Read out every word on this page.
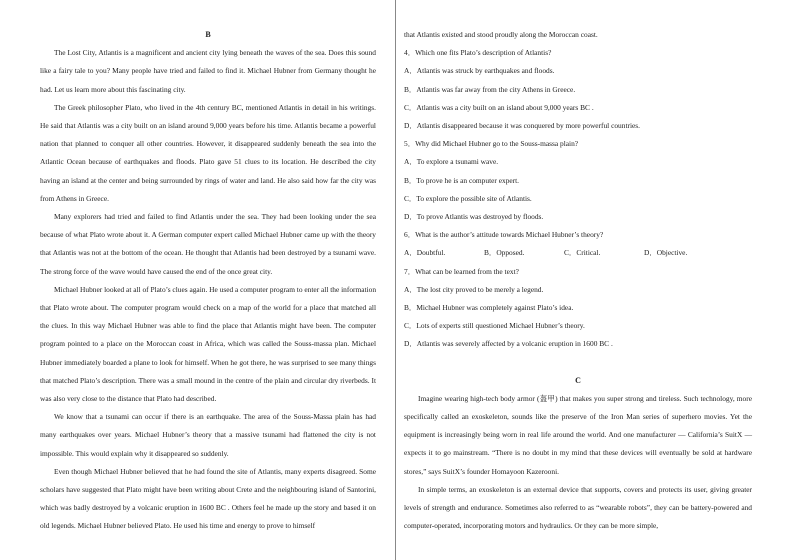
B

The Lost City, Atlantis is a magnificent and ancient city lying beneath the waves of the sea. Does this sound like a fairy tale to you? Many people have tried and failed to find it. Michael Hubner from Germany thought he had. Let us learn more about this fascinating city.

The Greek philosopher Plato, who lived in the 4th century BC, mentioned Atlantis in detail in his writings. He said that Atlantis was a city built on an island around 9,000 years before his time. Atlantis became a powerful nation that planned to conquer all other countries. However, it disappeared suddenly beneath the sea into the Atlantic Ocean because of earthquakes and floods. Plato gave 51 clues to its location. He described the city having an island at the center and being surrounded by rings of water and land. He also said how far the city was from Athens in Greece.

Many explorers had tried and failed to find Atlantis under the sea. They had been looking under the sea because of what Plato wrote about it. A German computer expert called Michael Hubner came up with the theory that Atlantis was not at the bottom of the ocean. He thought that Atlantis had been destroyed by a tsunami wave. The strong force of the wave would have caused the end of the once great city.

Michael Hubner looked at all of Plato’s clues again. He used a computer program to enter all the information that Plato wrote about. The computer program would check on a map of the world for a place that matched all the clues. In this way Michael Hubner was able to find the place that Atlantis might have been. The computer program pointed to a place on the Moroccan coast in Africa, which was called the Souss-massa plan. Michael Hubner immediately boarded a plane to look for himself. When he got there, he was surprised to see many things that matched Plato’s description. There was a small mound in the centre of the plain and circular dry riverbeds. It was also very close to the distance that Plato had described.

We know that a tsunami can occur if there is an earthquake. The area of the Souss-Massa plain has had many earthquakes over years. Michael Hubner’s theory that a massive tsunami had flattened the city is not impossible. This would explain why it disappeared so suddenly.

Even though Michael Hubner believed that he had found the site of Atlantis, many experts disagreed. Some scholars have suggested that Plato might have been writing about Crete and the neighbouring island of Santorini, which was badly destroyed by a volcanic eruption in 1600 BC . Others feel he made up the story and based it on old legends. Michael Hubner believed Plato. He used his time and energy to prove to himself

that Atlantis existed and stood proudly along the Moroccan coast.

4．Which one fits Plato’s description of Atlantis?

A．Atlantis was struck by earthquakes and floods.

B．Atlantis was far away from the city Athens in Greece.

C．Atlantis was a city built on an island about 9,000 years BC .

D．Atlantis disappeared because it was conquered by more powerful countries.

5．Why did Michael Hubner go to the Souss-massa plain?

A．To explore a tsunami wave.

B．To prove he is an computer expert.

C．To explore the possible site of Atlantis.

D．To prove Atlantis was destroyed by floods.

6．What is the author’s attitude towards Michael Hubner’s theory?

A．Doubtful.	B．Opposed.	C．Critical.	D．Objective.

7．What can be learned from the text?

A．The lost city proved to be merely a legend.

B．Michael Hubner was completely against Plato’s idea.

C．Lots of experts still questioned Michael Hubner’s theory.

D．Atlantis was severely affected by a volcanic eruption in 1600 BC .

C

Imagine wearing high-tech body armor (盔甲) that makes you super strong and tireless. Such technology, more specifically called an exoskeleton, sounds like the preserve of the Iron Man series of superhero movies. Yet the equipment is increasingly being worn in real life around the world. And one manufacturer — California’s SuitX — expects it to go mainstream. “There is no doubt in my mind that these devices will eventually be sold at hardware stores,” says SuitX’s founder Homayoon Kazerooni.

In simple terms, an exoskeleton is an external device that supports, covers and protects its user, giving greater levels of strength and endurance. Sometimes also referred to as “wearable robots”, they can be battery-powered and computer-operated, incorporating motors and hydraulics. Or they can be more simple,
